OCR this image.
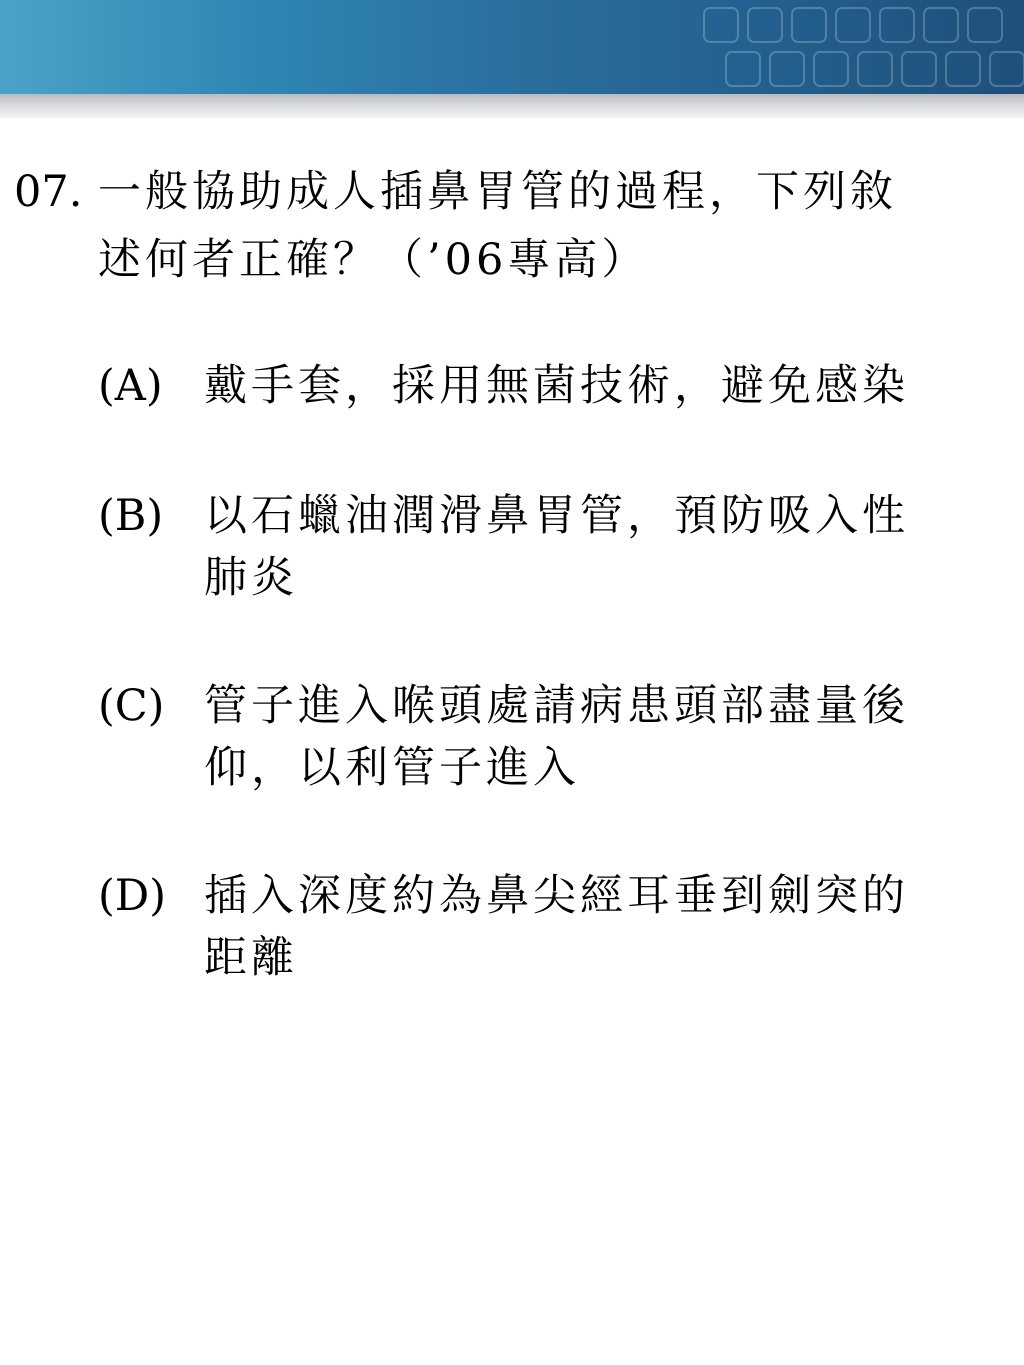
07. 一般協助成人插鼻胃管的過程，下列敘
述何者正確？（’06專高）
(A) 戴手套，採用無菌技術，避免感染
(B) 以石蠟油潤滑鼻胃管，預防吸入性
肺炎
(C) 管子進入喉頭處請病患頭部盡量後
仰，以利管子進入
(D) 插入深度約為鼻尖經耳垂到劍突的
距離
